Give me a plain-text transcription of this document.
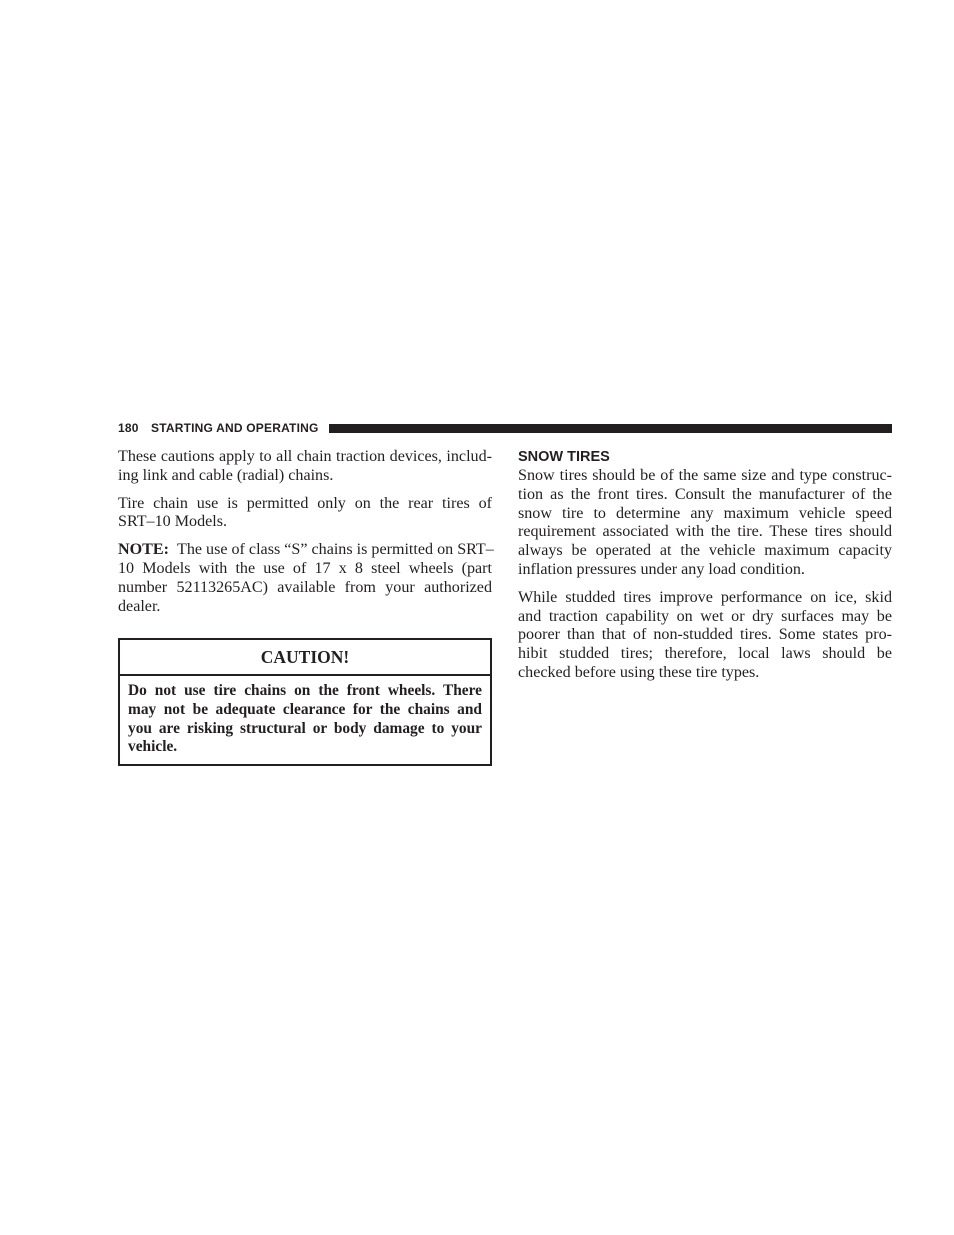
180 STARTING AND OPERATING
These cautions apply to all chain traction devices, includ-
ing link and cable (radial) chains.
Tire chain use is permitted only on the rear tires of
SRT–10 Models.
NOTE: The use of class “S” chains is permitted on SRT–
10 Models with the use of 17 x 8 steel wheels (part
number 52113265AC) available from your authorized
dealer.
CAUTION!
Do not use tire chains on the front wheels. There
may not be adequate clearance for the chains and
you are risking structural or body damage to your
vehicle.
SNOW TIRES
Snow tires should be of the same size and type construc-
tion as the front tires. Consult the manufacturer of the
snow tire to determine any maximum vehicle speed
requirement associated with the tire. These tires should
always be operated at the vehicle maximum capacity
inflation pressures under any load condition.
While studded tires improve performance on ice, skid
and traction capability on wet or dry surfaces may be
poorer than that of non-studded tires. Some states pro-
hibit studded tires; therefore, local laws should be
checked before using these tire types.
